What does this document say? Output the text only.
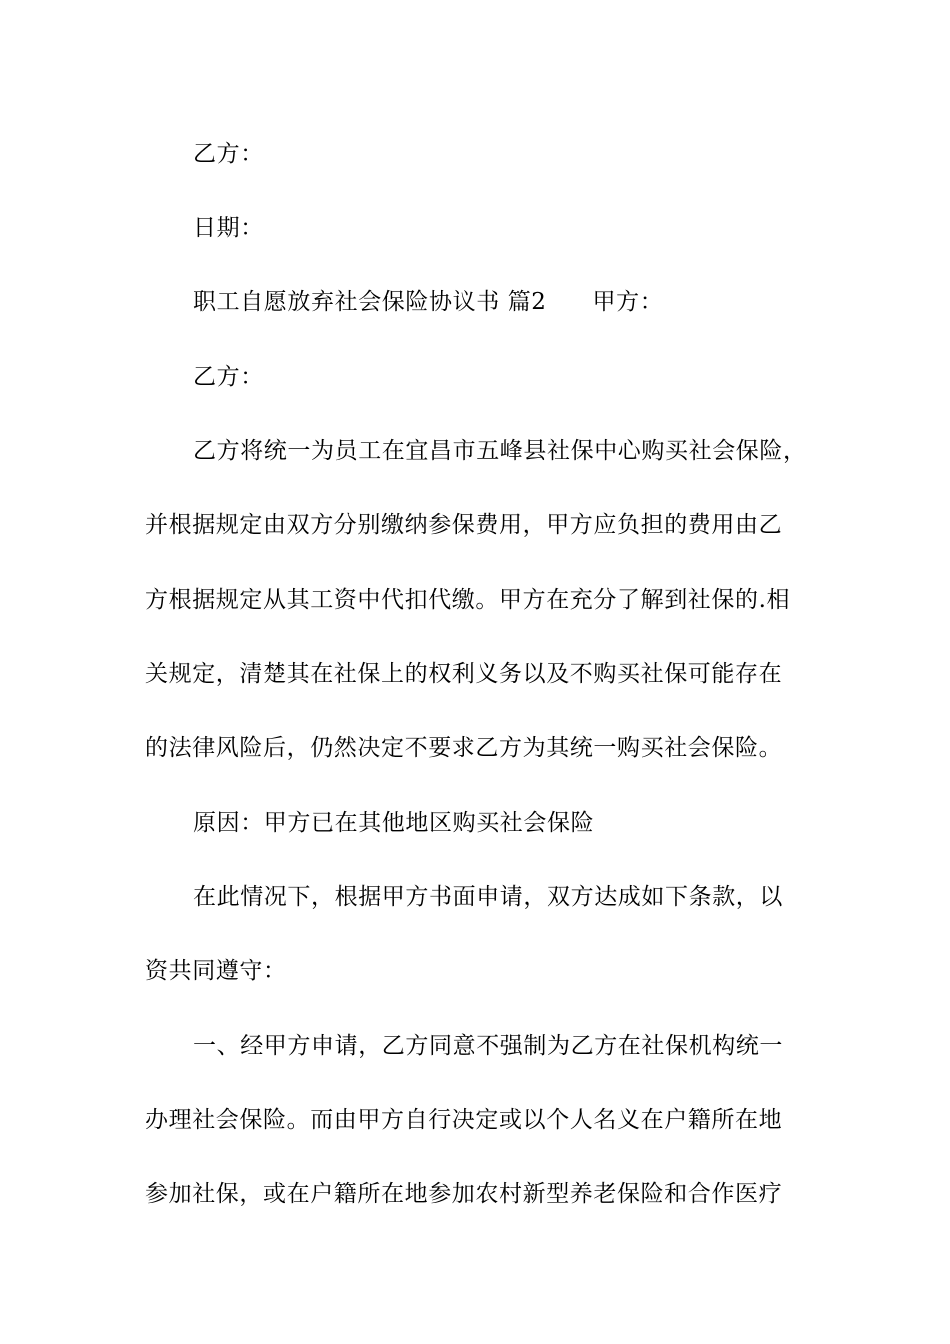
乙方：
日期：
职工自愿放弃社会保险协议书 篇2 甲方：
乙方：
乙方将统一为员工在宜昌市五峰县社保中心购买社会保险，
并根据规定由双方分别缴纳参保费用，甲方应负担的费用由乙
方根据规定从其工资中代扣代缴。甲方在充分了解到社保的.相
关规定，清楚其在社保上的权利义务以及不购买社保可能存在
的法律风险后，仍然决定不要求乙方为其统一购买社会保险。
原因：甲方已在其他地区购买社会保险
在此情况下，根据甲方书面申请，双方达成如下条款，以
资共同遵守：
一、经甲方申请，乙方同意不强制为乙方在社保机构统一
办理社会保险。而由甲方自行决定或以个人名义在户籍所在地
参加社保，或在户籍所在地参加农村新型养老保险和合作医疗
